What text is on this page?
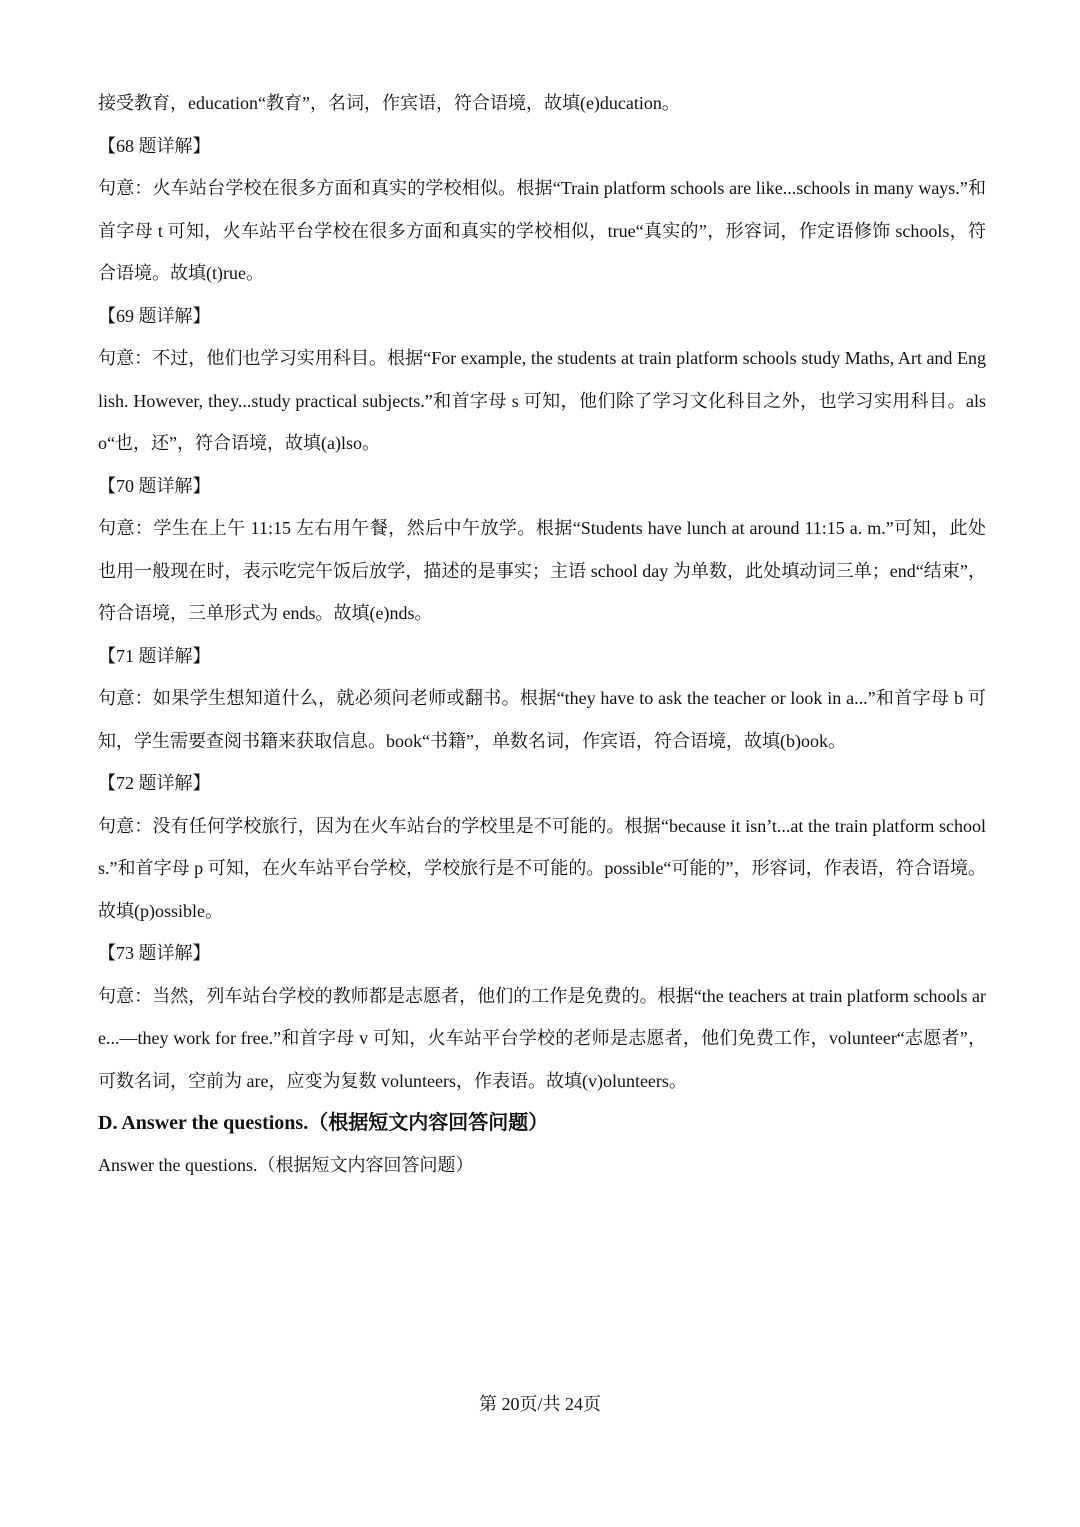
接受教育，education“教育”，名词，作宾语，符合语境，故填(e)ducation。

【68 题详解】

句意：火车站台学校在很多方面和真实的学校相似。根据“Train platform schools are like...schools in many ways.”和首字母 t 可知，火车站平台学校在很多方面和真实的学校相似，true“真实的”，形容词，作定语修饰 schools，符合语境。故填(t)rue。

【69 题详解】

句意：不过，他们也学习实用科目。根据“For example, the students at train platform schools study Maths, Art and English. However, they...study practical subjects.”和首字母 s 可知，他们除了学习文化科目之外，也学习实用科目。also“也，还”，符合语境，故填(a)lso。

【70 题详解】

句意：学生在上午 11:15 左右用午餐，然后中午放学。根据“Students have lunch at around 11:15 a. m.”可知，此处也用一般现在时，表示吃完午饭后放学，描述的是事实；主语 school day 为单数，此处填动词三单；end“结束”，符合语境，三单形式为 ends。故填(e)nds。

【71 题详解】

句意：如果学生想知道什么，就必须问老师或翻书。根据“they have to ask the teacher or look in a...”和首字母 b 可知，学生需要查阅书籍来获取信息。book“书籍”，单数名词，作宾语，符合语境，故填(b)ook。

【72 题详解】

句意：没有任何学校旅行，因为在火车站台的学校里是不可能的。根据“because it isn’t...at the train platform schools.”和首字母 p 可知，在火车站平台学校，学校旅行是不可能的。possible“可能的”，形容词，作表语，符合语境。故填(p)ossible。

【73 题详解】

句意：当然，列车站台学校的教师都是志愿者，他们的工作是免费的。根据“the teachers at train platform schools are...—they work for free.”和首字母 v 可知，火车站平台学校的老师是志愿者，他们免费工作，volunteer“志愿者”，可数名词，空前为 are，应变为复数 volunteers，作表语。故填(v)olunteers。

D. Answer the questions.（根据短文内容回答问题）

Answer the questions.（根据短文内容回答问题）

第 20页/共 24页
